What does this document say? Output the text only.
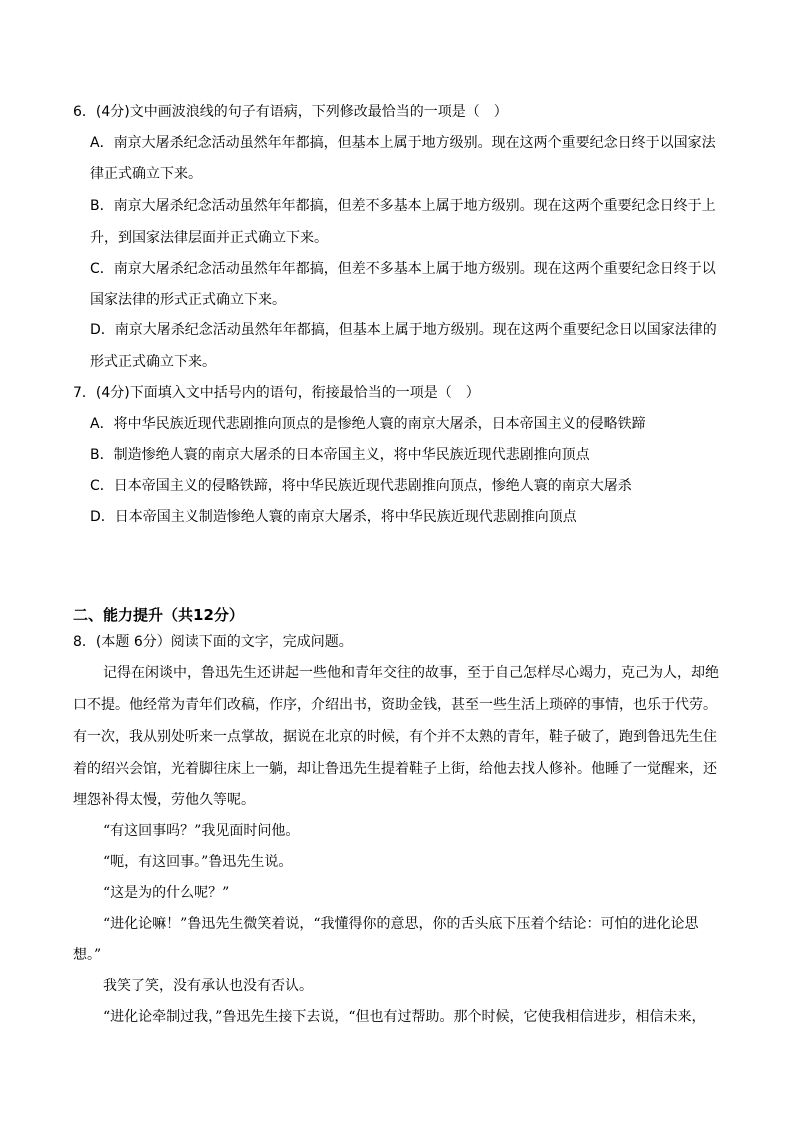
6．(4分)文中画波浪线的句子有语病，下列修改最恰当的一项是（　）
A．南京大屠杀纪念活动虽然年年都搞，但基本上属于地方级别。现在这两个重要纪念日终于以国家法
律正式确立下来。
B．南京大屠杀纪念活动虽然年年都搞，但差不多基本上属于地方级别。现在这两个重要纪念日终于上
升，到国家法律层面并正式确立下来。
C．南京大屠杀纪念活动虽然年年都搞，但差不多基本上属于地方级别。现在这两个重要纪念日终于以
国家法律的形式正式确立下来。
D．南京大屠杀纪念活动虽然年年都搞，但基本上属于地方级别。现在这两个重要纪念日以国家法律的
形式正式确立下来。
7．(4分)下面填入文中括号内的语句，衔接最恰当的一项是（　）
A．将中华民族近现代悲剧推向顶点的是惨绝人寰的南京大屠杀，日本帝国主义的侵略铁蹄
B．制造惨绝人寰的南京大屠杀的日本帝国主义，将中华民族近现代悲剧推向顶点
C．日本帝国主义的侵略铁蹄，将中华民族近现代悲剧推向顶点，惨绝人寰的南京大屠杀
D．日本帝国主义制造惨绝人寰的南京大屠杀，将中华民族近现代悲剧推向顶点
二、能力提升（共12分）
8．(本题 6分）阅读下面的文字，完成问题。
记得在闲谈中，鲁迅先生还讲起一些他和青年交往的故事，至于自己怎样尽心竭力，克己为人，却绝
口不提。他经常为青年们改稿，作序，介绍出书，资助金钱，甚至一些生活上琐碎的事情，也乐于代劳。
有一次，我从别处听来一点掌故，据说在北京的时候，有个并不太熟的青年，鞋子破了，跑到鲁迅先生住
着的绍兴会馆，光着脚往床上一躺，却让鲁迅先生提着鞋子上街，给他去找人修补。他睡了一觉醒来，还
埋怨补得太慢，劳他久等呢。
“有这回事吗？”我见面时问他。
“呃，有这回事。”鲁迅先生说。
“这是为的什么呢？”
“进化论嘛！”鲁迅先生微笑着说，“我懂得你的意思，你的舌头底下压着个结论：可怕的进化论思
想。”
我笑了笑，没有承认也没有否认。
“进化论牵制过我，”鲁迅先生接下去说，“但也有过帮助。那个时候，它使我相信进步，相信未来，
